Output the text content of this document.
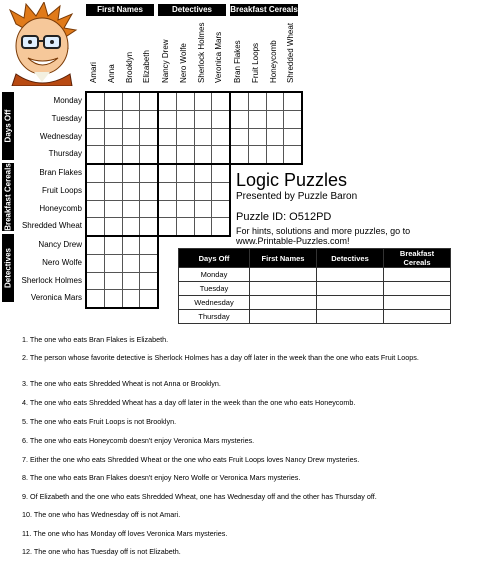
First Names	Detectives	Breakfast Cereals
Amari Anna Brooklyn Elizabeth Nancy Drew Nero Wolfe Sherlock Holmes Veronica Mars Bran Flakes Fruit Loops Honeycomb Shredded Wheat
Days Off
Breakfast Cereals
Detectives
Monday
Tuesday
Wednesday
Thursday
Bran Flakes
Fruit Loops
Honeycomb
Shredded Wheat
Nancy Drew
Nero Wolfe
Sherlock Holmes
Veronica Mars
Logic Puzzles
Presented by Puzzle Baron
Puzzle ID: O512PD
For hints, solutions and more puzzles, go to
www.Printable-Puzzles.com!
Days Off	First Names	Detectives	Breakfast Cereals
Monday			
Tuesday			
Wednesday			
Thursday			
1. The one who eats Bran Flakes is Elizabeth.
2. The person whose favorite detective is Sherlock Holmes has a day off later in the week than the one who eats Fruit Loops.
3. The one who eats Shredded Wheat is not Anna or Brooklyn.
4. The one who eats Shredded Wheat has a day off later in the week than the one who eats Honeycomb.
5. The one who eats Fruit Loops is not Brooklyn.
6. The one who eats Honeycomb doesn't enjoy Veronica Mars mysteries.
7. Either the one who eats Shredded Wheat or the one who eats Fruit Loops loves Nancy Drew mysteries.
8. The one who eats Bran Flakes doesn't enjoy Nero Wolfe or Veronica Mars mysteries.
9. Of Elizabeth and the one who eats Shredded Wheat, one has Wednesday off and the other has Thursday off.
10. The one who has Wednesday off is not Amari.
11. The one who has Monday off loves Veronica Mars mysteries.
12. The one who has Tuesday off is not Elizabeth.
